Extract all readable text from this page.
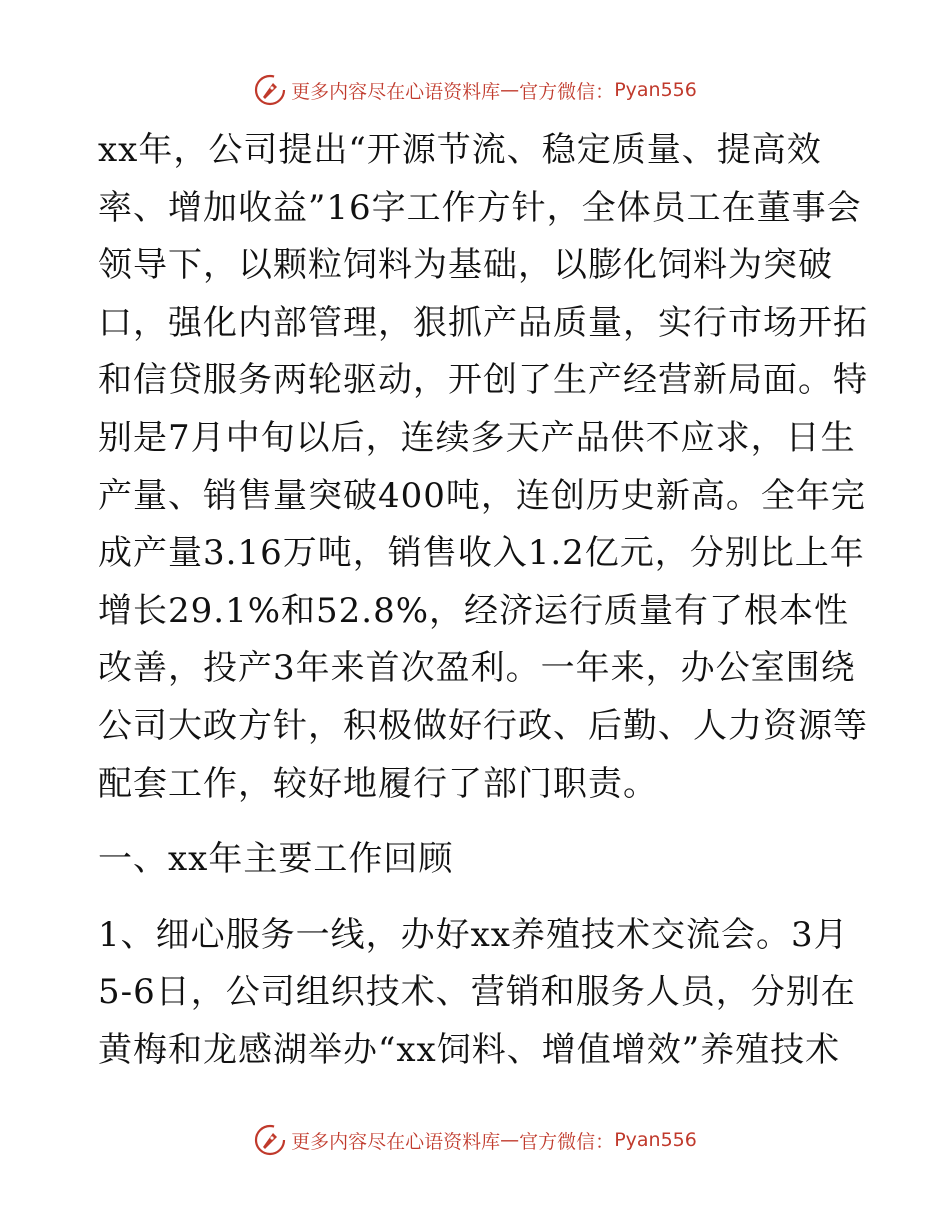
更多内容尽在心语资料库 — 官方微信： Pyan556

xx年，公司提出“开源节流、稳定质量、提高效率、增加收益”16字工作方针，全体员工在董事会领导下，以颗粒饲料为基础，以膨化饲料为突破口，强化内部管理，狠抓产品质量，实行市场开拓和信贷服务两轮驱动，开创了生产经营新局面。特别是7月中旬以后，连续多天产品供不应求，日生产量、销售量突破400吨，连创历史新高。全年完成产量3.16万吨，销售收入1.2亿元，分别比上年增长29.1%和52.8%，经济运行质量有了根本性改善，投产3年来首次盈利。一年来，办公室围绕公司大政方针，积极做好行政、后勤、人力资源等配套工作，较好地履行了部门职责。

一、xx年主要工作回顾

1、细心服务一线，办好xx养殖技术交流会。3月5-6日，公司组织技术、营销和服务人员，分别在黄梅和龙感湖举办“xx饲料、增值增效”养殖技术

更多内容尽在心语资料库 — 官方微信： Pyan556
